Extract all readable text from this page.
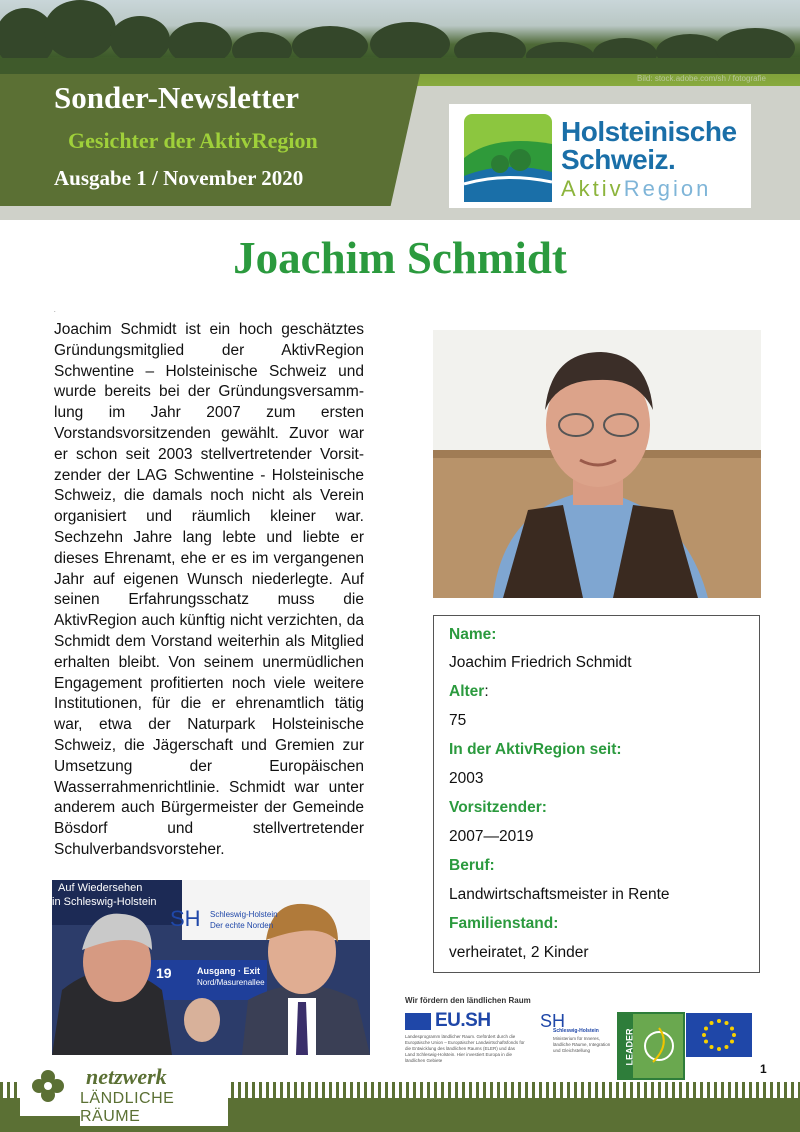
Bild: stock.adobe.com/sh / fotografie
Sonder-Newsletter
Gesichter der AktivRegion
Ausgabe 1 / November 2020
Holsteinische
Schweiz.
AktivRegion
Joachim Schmidt
.
Joachim Schmidt ist ein hoch geschätztes Gründungsmitglied der AktivRegion Schwentine – Holsteinische Schweiz und wurde bereits bei der Gründungsversammlung im Jahr 2007 zum ersten Vorstandsvorsitzenden gewählt. Zuvor war er schon seit 2003 stellvertretender Vorsitzender der LAG Schwentine - Holsteinische Schweiz, die damals noch nicht als Verein organisiert und räumlich kleiner war. Sechzehn Jahre lang lebte und liebte er dieses Ehrenamt, ehe er es im vergangenen Jahr auf eigenen Wunsch niederlegte. Auf seinen Erfahrungsschatz muss die AktivRegion auch künftig nicht verzichten, da Schmidt dem Vorstand weiterhin als Mitglied erhalten bleibt. Von seinem unermüdlichen Engagement profitierten noch viele weitere Institutionen, für die er ehrenamtlich tätig war, etwa der Naturpark Holsteinische Schweiz, die Jägerschaft und Gremien zur Umsetzung der Europäischen Wasserrahmenrichtlinie. Schmidt war unter anderem auch Bürgermeister der Gemeinde Bösdorf und stellvertretender Schulverbandsvorsteher.
Name:
Joachim Friedrich Schmidt
Alter:
75
In der AktivRegion seit:
2003
Vorsitzender:
2007—2019
Beruf:
Landwirtschaftsmeister in Rente
Familienstand:
verheiratet, 2 Kinder
Auf Wiedersehen
in Schleswig-Holstein
SH Schleswig-Holstein
Der echte Norden
19	Ausgang · Exit
Nord/Masurenallee
Wir fördern den ländlichen Raum
EU.SH	SH
Landesprogramm ländlicher Raum. Gefördert durch die Europäische Union – Europäischer Landwirtschaftsfonds für die Entwicklung des ländlichen Raums (ELER) und das Land Schleswig-Holstein. Hier investiert Europa in die ländlichen Gebiete
Schleswig-Holstein
Ministerium für Inneres, ländliche Räume, Integration und Gleichstellung	LEADER
1
netzwerk
LÄNDLICHE RÄUME
